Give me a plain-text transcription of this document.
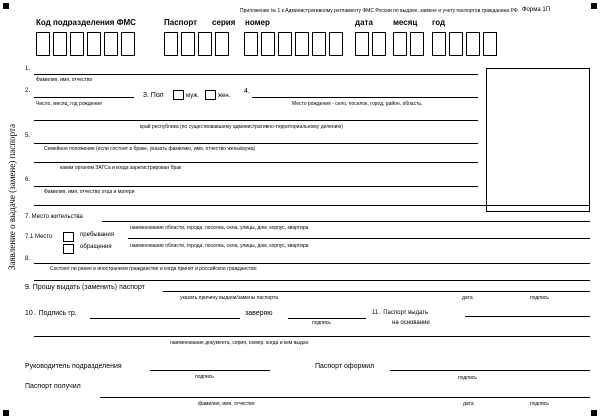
Приложение № 1 к Административному регламенту ФМС России по выдаче, замене и учету паспортов гражданина РФ. Форма 1П
Код подразделения ФМС	Паспорт серия номер	дата	месяц год
Заявление о выдаче (замене) паспорта
1.
Фамилия, имя, отчество
2.
Число, месяц, год рождения
3. Пол	муж.	жен.
4.
Место рождения - село, поселок, город, район, область,
край республика (по существовавшему административно-территориальному делению)
5.
Семейное положение (если состоит в браке, указать фамилию, имя, отчество жены/мужа)
каким органом ЗАГСа и когда зарегистрирован брак
6.
Фамилия, имя, отчество отца и матери
7. Место жительства
наименование области, города, поселка, села, улицы, дом, корпус, квартира
7.1 Место	пребывания
наименование области, города, поселка, села, улицы, дом, корпус, квартира
обращения
8.
Состоял ли ранее в иностранном гражданстве и когда принят в российское гражданство
9. Прошу выдать (заменить) паспорт
указать причину выдачи/замены паспорта	дата	подпись
10 . Подпись гр.	заверяю
подпись
11 . Паспорт выдать
на основании
наименование документа, серия, номер, когда и кем выдан
Руководитель подразделения
подпись
Паспорт оформил
подпись
Паспорт получил
фамилия, имя, отчество	дата	подпись
